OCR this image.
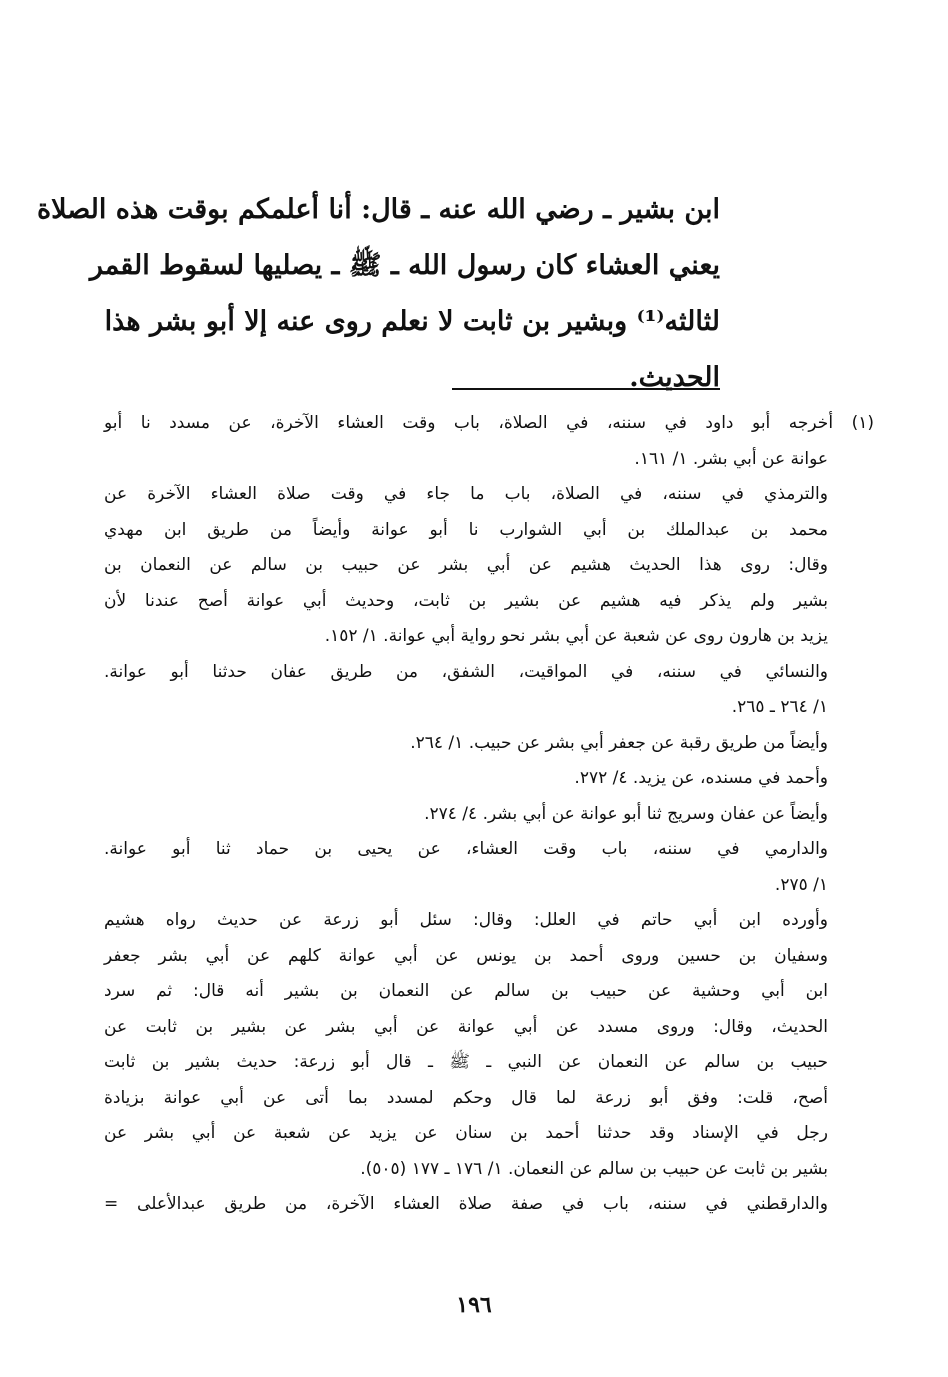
ابن بشير ـ رضي الله عنه ـ قال: أنا أعلمكم بوقت هذه الصلاة
يعني العشاء كان رسول الله ـ ﷺ ـ يصليها لسقوط القمر
لثالثه⁽¹⁾ وبشير بن ثابت لا نعلم روى عنه إلا أبو بشر هذا
الحديث.
(١) أخرجه أبو داود في سننه، في الصلاة، باب وقت العشاء الآخرة، عن مسدد نا أبو
عوانة عن أبي بشر. ١/ ١٦١.
والترمذي في سننه، في الصلاة، باب ما جاء في وقت صلاة العشاء الآخرة عن
محمد بن عبدالملك بن أبي الشوارب نا أبو عوانة وأيضاً من طريق ابن مهدي
وقال: روى هذا الحديث هشيم عن أبي بشر عن حبيب بن سالم عن النعمان بن
بشير ولم يذكر فيه هشيم عن بشير بن ثابت، وحديث أبي عوانة أصح عندنا لأن
يزيد بن هارون روى عن شعبة عن أبي بشر نحو رواية أبي عوانة. ١/ ١٥٢.
والنسائي في سننه، في المواقيت، الشفق، من طريق عفان حدثنا أبو عوانة.
١/ ٢٦٤ ـ ٢٦٥.
وأيضاً من طريق رقبة عن جعفر أبي بشر عن حبيب. ١/ ٢٦٤.
وأحمد في مسنده، عن يزيد. ٤/ ٢٧٢.
وأيضاً عن عفان وسريج ثنا أبو عوانة عن أبي بشر. ٤/ ٢٧٤.
والدارمي في سننه، باب وقت العشاء، عن يحيى بن حماد ثنا أبو عوانة.
١/ ٢٧٥.
وأورده ابن أبي حاتم في العلل: وقال: سئل أبو زرعة عن حديث رواه هشيم
وسفيان بن حسين وروى أحمد بن يونس عن أبي عوانة كلهم عن أبي بشر جعفر
ابن أبي وحشية عن حبيب بن سالم عن النعمان بن بشير أنه قال: ثم سرد
الحديث، وقال: وروى مسدد عن أبي عوانة عن أبي بشر عن بشير بن ثابت عن
حبيب بن سالم عن النعمان عن النبي ـ ﷺ ـ قال أبو زرعة: حديث بشير بن ثابت
أصح، قلت: وفق أبو زرعة لما قال وحكم لمسدد بما أتى عن أبي عوانة بزيادة
رجل في الإسناد وقد حدثنا أحمد بن سنان عن يزيد عن شعبة عن أبي بشر عن
بشير بن ثابت عن حبيب بن سالم عن النعمان. ١/ ١٧٦ ـ ١٧٧ (٥٠٥).
والدارقطني في سننه، باب في صفة صلاة العشاء الآخرة، من طريق عبدالأعلى =
١٩٦
